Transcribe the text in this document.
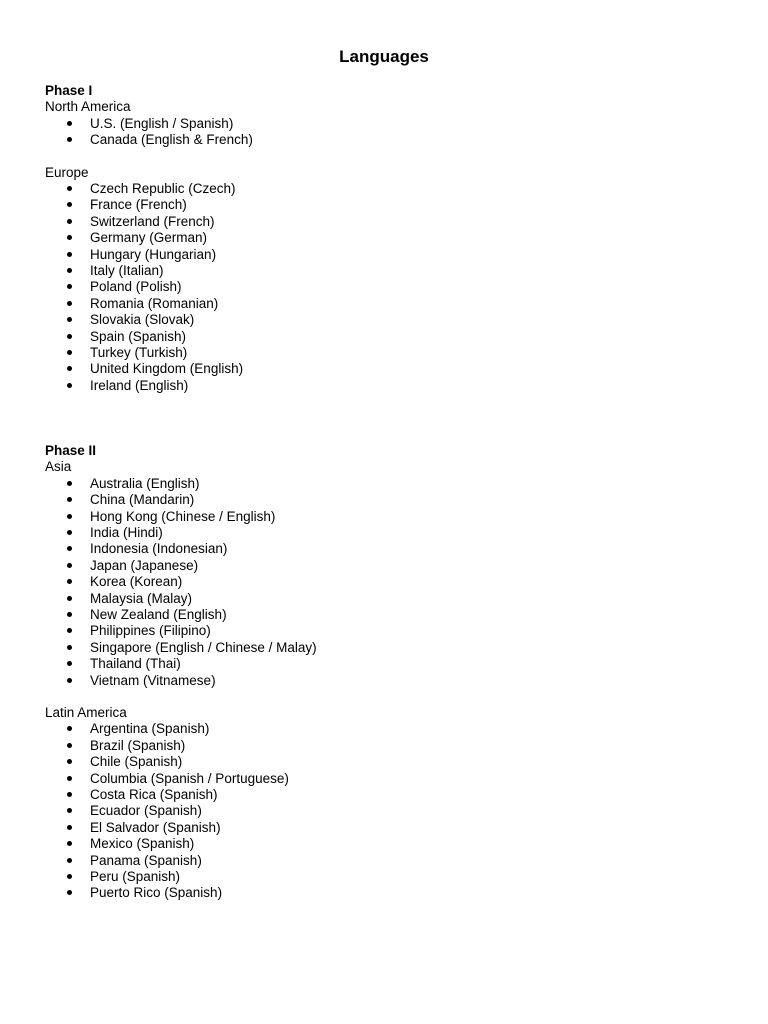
Languages
Phase I
North America
U.S. (English / Spanish)
Canada (English & French)
Europe
Czech Republic (Czech)
France (French)
Switzerland (French)
Germany (German)
Hungary (Hungarian)
Italy (Italian)
Poland (Polish)
Romania (Romanian)
Slovakia (Slovak)
Spain (Spanish)
Turkey (Turkish)
United Kingdom (English)
Ireland (English)
Phase II
Asia
Australia (English)
China (Mandarin)
Hong Kong (Chinese / English)
India (Hindi)
Indonesia (Indonesian)
Japan (Japanese)
Korea (Korean)
Malaysia (Malay)
New Zealand (English)
Philippines (Filipino)
Singapore (English / Chinese / Malay)
Thailand (Thai)
Vietnam (Vitnamese)
Latin America
Argentina (Spanish)
Brazil (Spanish)
Chile (Spanish)
Columbia (Spanish / Portuguese)
Costa Rica (Spanish)
Ecuador (Spanish)
El Salvador (Spanish)
Mexico (Spanish)
Panama (Spanish)
Peru (Spanish)
Puerto Rico (Spanish)
